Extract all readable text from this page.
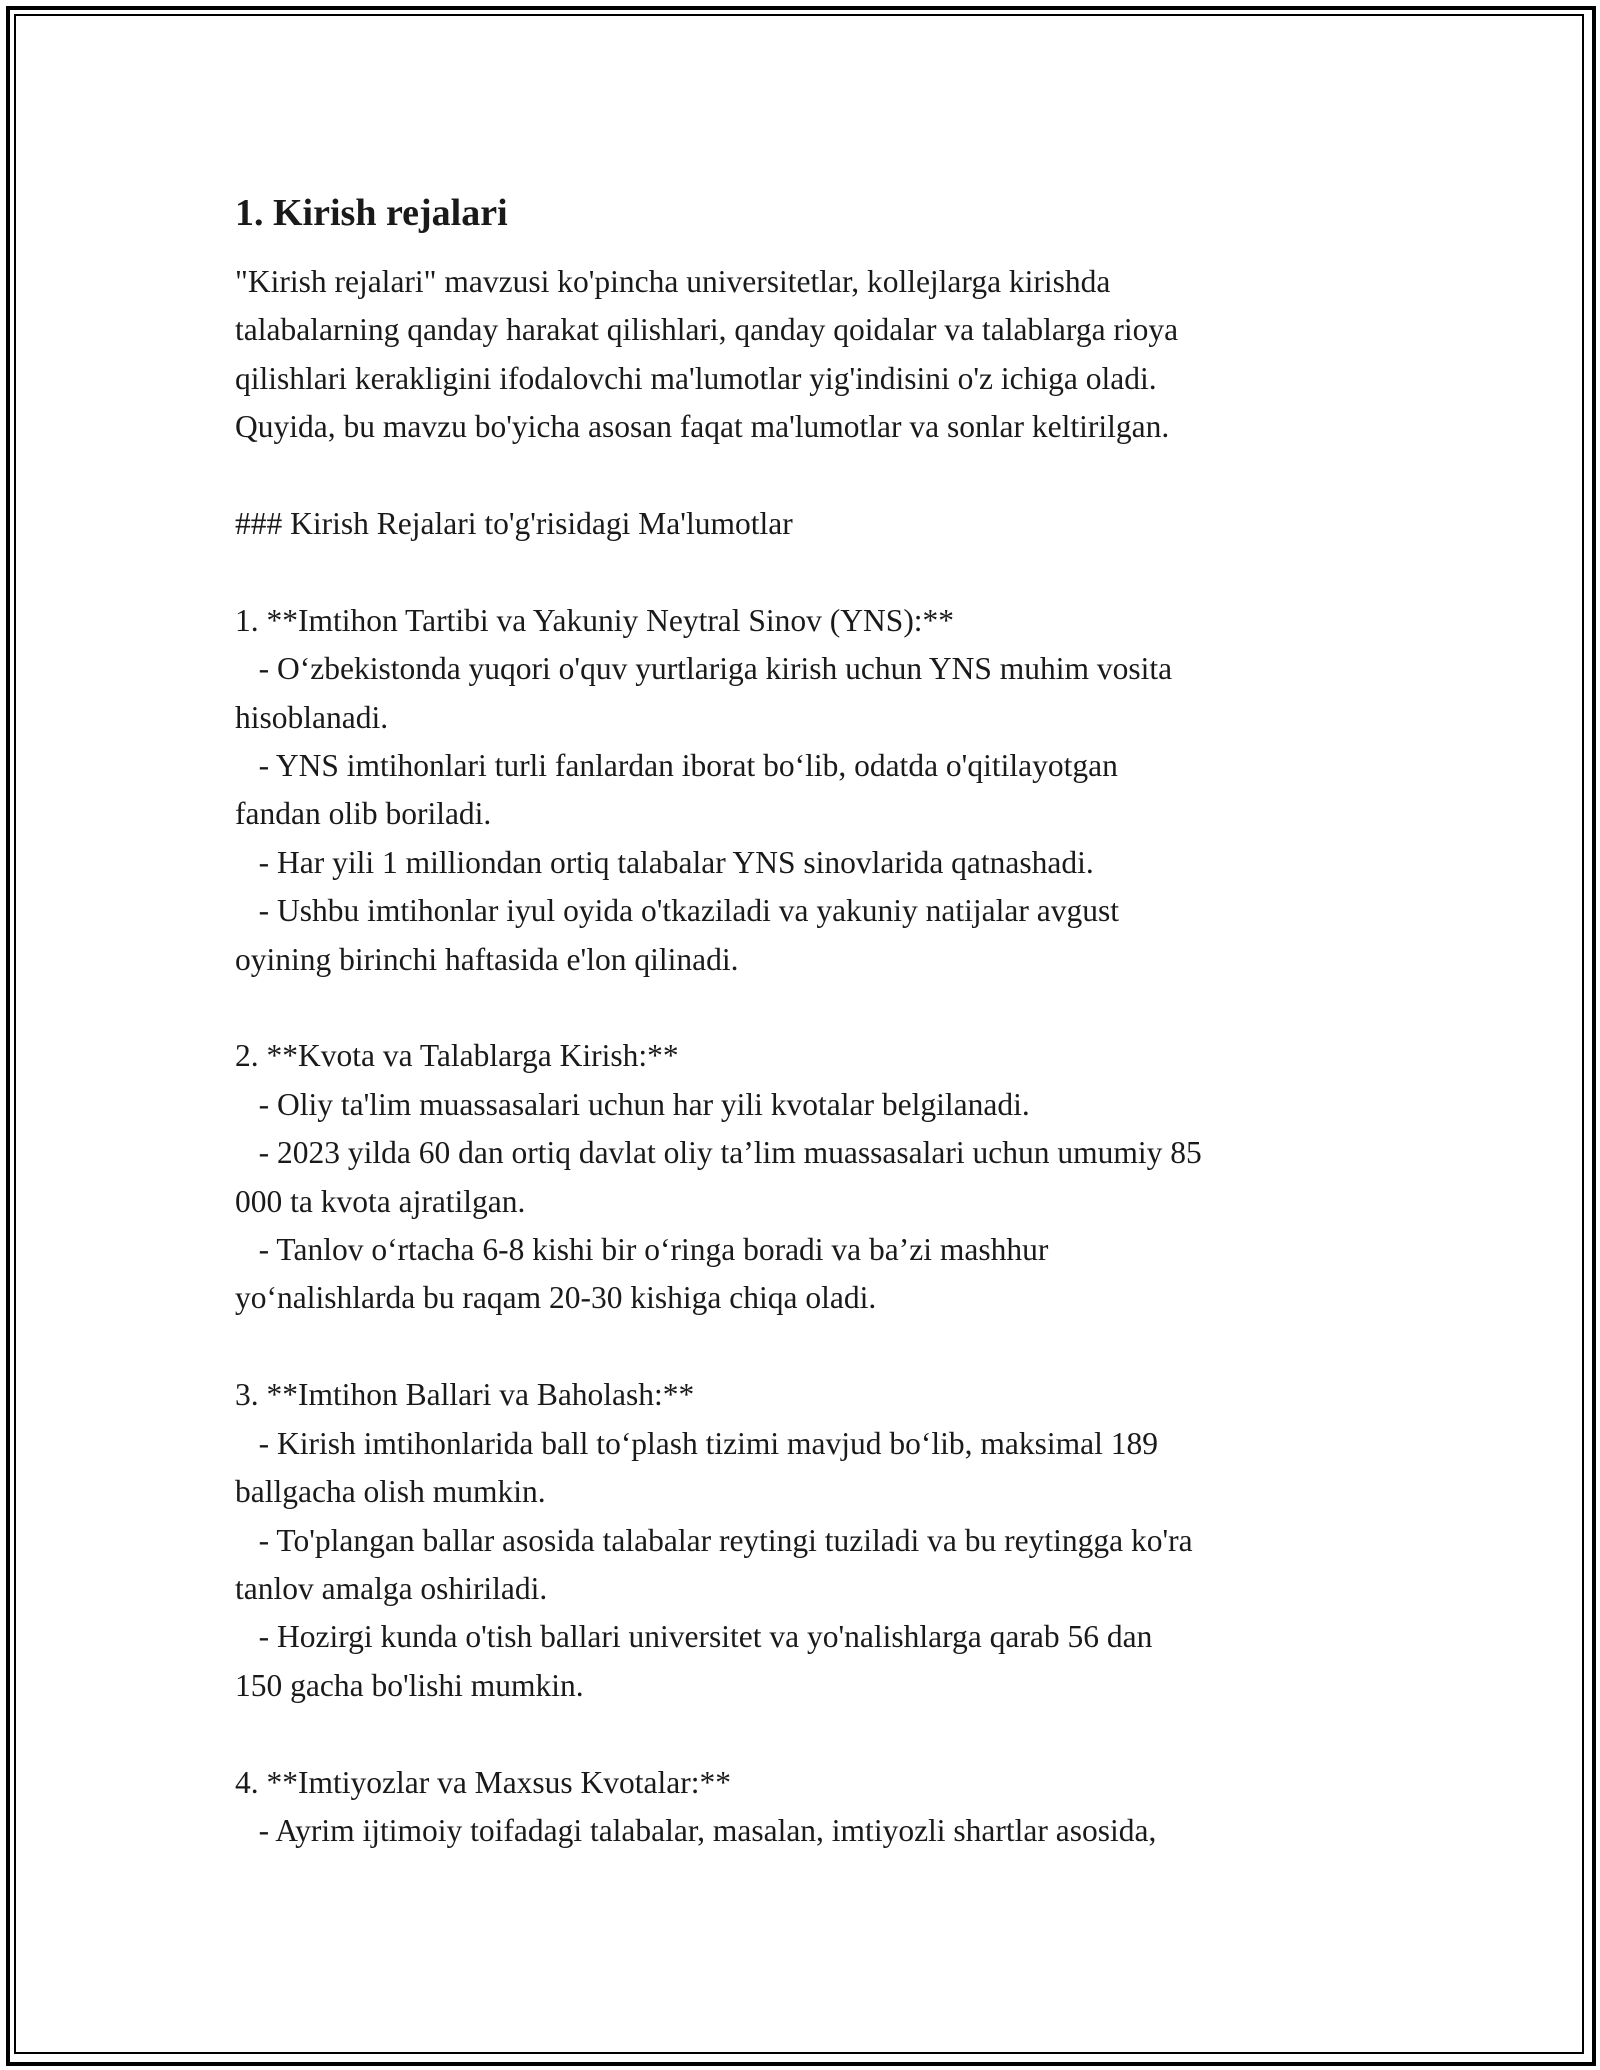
1. Kirish rejalari
"Kirish rejalari" mavzusi ko'pincha universitetlar, kollejlarga kirishda
talabalarning qanday harakat qilishlari, qanday qoidalar va talablarga rioya
qilishlari kerakligini ifodalovchi ma'lumotlar yig'indisini o'z ichiga oladi.
Quyida, bu mavzu bo'yicha asosan faqat ma'lumotlar va sonlar keltirilgan.
### Kirish Rejalari to'g'risidagi Ma'lumotlar
1. **Imtihon Tartibi va Yakuniy Neytral Sinov (YNS):**
- O‘zbekistonda yuqori o'quv yurtlariga kirish uchun YNS muhim vosita
hisoblanadi.
- YNS imtihonlari turli fanlardan iborat bo‘lib, odatda o'qitilayotgan
fandan olib boriladi.
- Har yili 1 milliondan ortiq talabalar YNS sinovlarida qatnashadi.
- Ushbu imtihonlar iyul oyida o'tkaziladi va yakuniy natijalar avgust
oyining birinchi haftasida e'lon qilinadi.
2. **Kvota va Talablarga Kirish:**
- Oliy ta'lim muassasalari uchun har yili kvotalar belgilanadi.
- 2023 yilda 60 dan ortiq davlat oliy ta’lim muassasalari uchun umumiy 85
000 ta kvota ajratilgan.
- Tanlov o‘rtacha 6-8 kishi bir o‘ringa boradi va ba’zi mashhur
yo‘nalishlarda bu raqam 20-30 kishiga chiqa oladi.
3. **Imtihon Ballari va Baholash:**
- Kirish imtihonlarida ball to‘plash tizimi mavjud bo‘lib, maksimal 189
ballgacha olish mumkin.
- To'plangan ballar asosida talabalar reytingi tuziladi va bu reytingga ko'ra
tanlov amalga oshiriladi.
- Hozirgi kunda o'tish ballari universitet va yo'nalishlarga qarab 56 dan
150 gacha bo'lishi mumkin.
4. **Imtiyozlar va Maxsus Kvotalar:**
- Ayrim ijtimoiy toifadagi talabalar, masalan, imtiyozli shartlar asosida,
